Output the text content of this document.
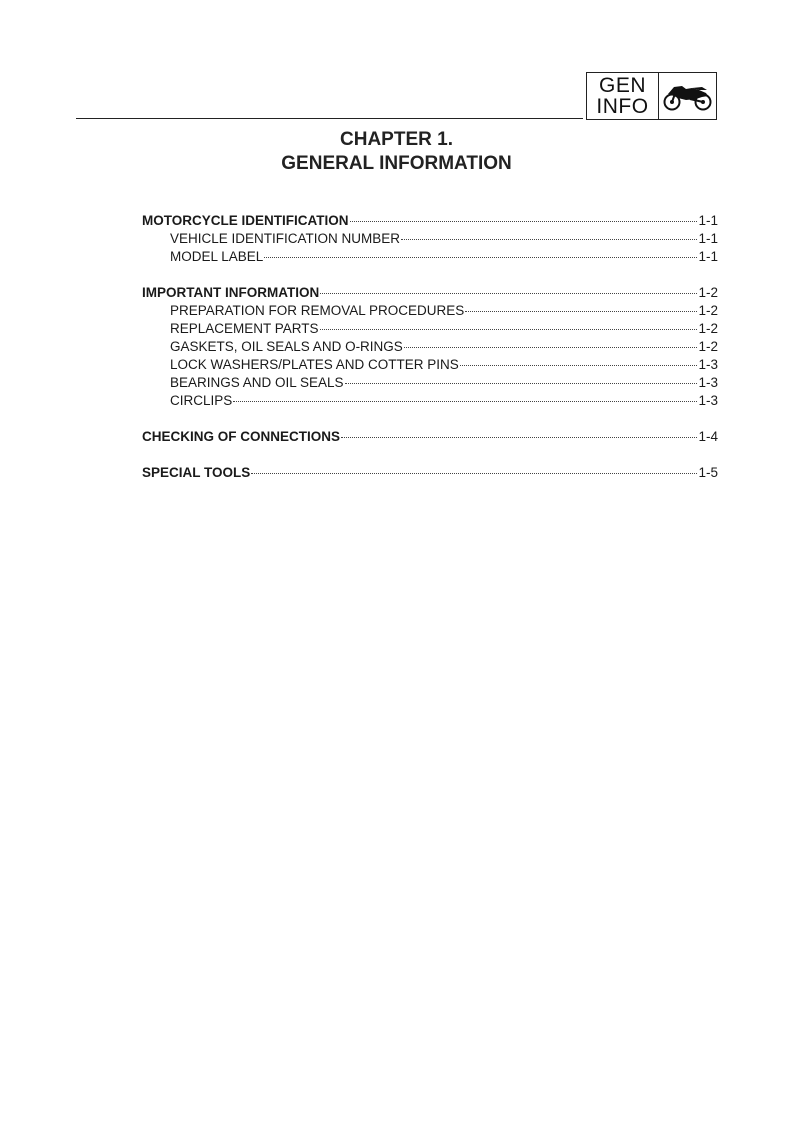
GEN
INFO
CHAPTER 1.
GENERAL INFORMATION
MOTORCYCLE IDENTIFICATION	1-1
VEHICLE IDENTIFICATION NUMBER	1-1
MODEL LABEL	1-1
IMPORTANT INFORMATION	1-2
PREPARATION FOR REMOVAL PROCEDURES	1-2
REPLACEMENT PARTS	1-2
GASKETS, OIL SEALS AND O-RINGS	1-2
LOCK WASHERS/PLATES AND COTTER PINS	1-3
BEARINGS AND OIL SEALS	1-3
CIRCLIPS	1-3
CHECKING OF CONNECTIONS	1-4
SPECIAL TOOLS	1-5
